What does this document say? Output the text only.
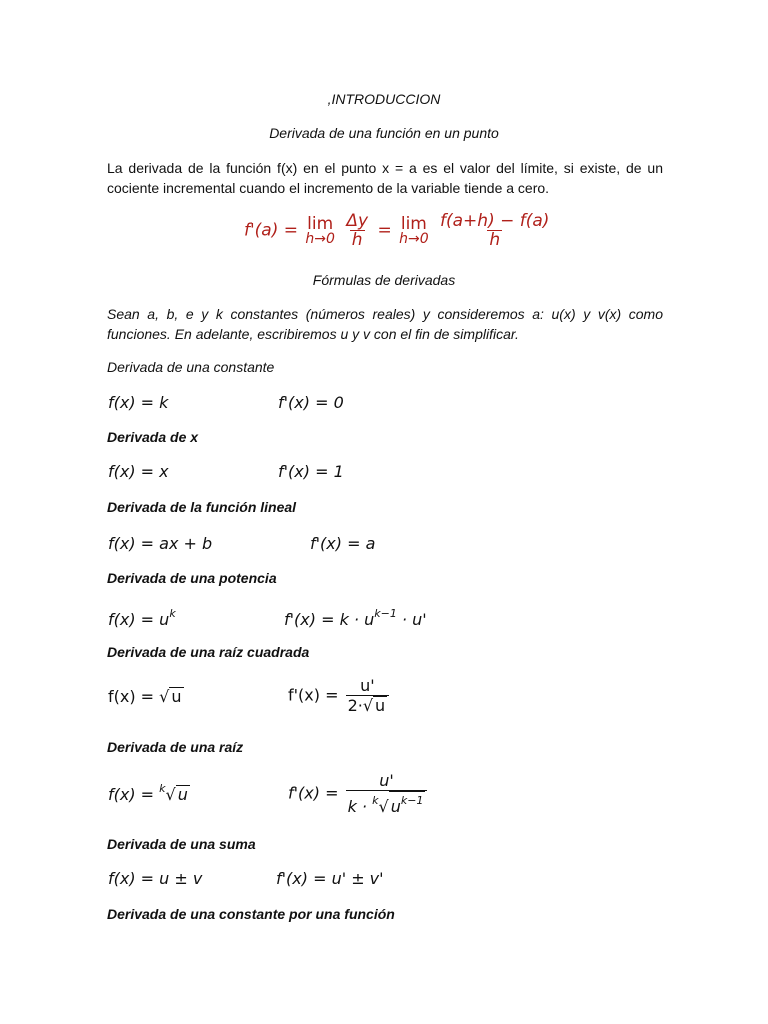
,INTRODUCCION
Derivada de una función en un punto
La derivada de la función f(x) en el punto x = a es el valor del límite, si existe, de un cociente incremental cuando el incremento de la variable tiende a cero.
f'(a) = lim
h→0
$\frac{\Delta y}{h} = \lim$
h→0
$\frac{f(a+h) - f(a)}{h}$
Fórmulas de derivadas
Sean a, b, e y k constantes (números reales) y consideremos a: u(x) y v(x) como funciones. En adelante, escribiremos u y v con el fin de simplificar.
Derivada de una constante
f(x) = k	f'(x) = 0
Derivada de x
f(x) = x	f'(x) = 1
Derivada de la función lineal
f(x) = ax + b	f'(x) = a
Derivada de una potencia
$f(x) = u^k$	$f'(x) = k \cdot u^{k-1} \cdot u'$
Derivada de una raíz cuadrada
f(x) = √ u	$f'(x) = \frac{u'}{2\cdot√ u}$
Derivada de una raíz
f(x) = $^k$√ u	$f'(x) = \frac{u'}{k \cdot ^k√ u^{k-1}}$
Derivada de una suma
f(x) = u ± v	f'(x) = u' ± v'
Derivada de una constante por una función
